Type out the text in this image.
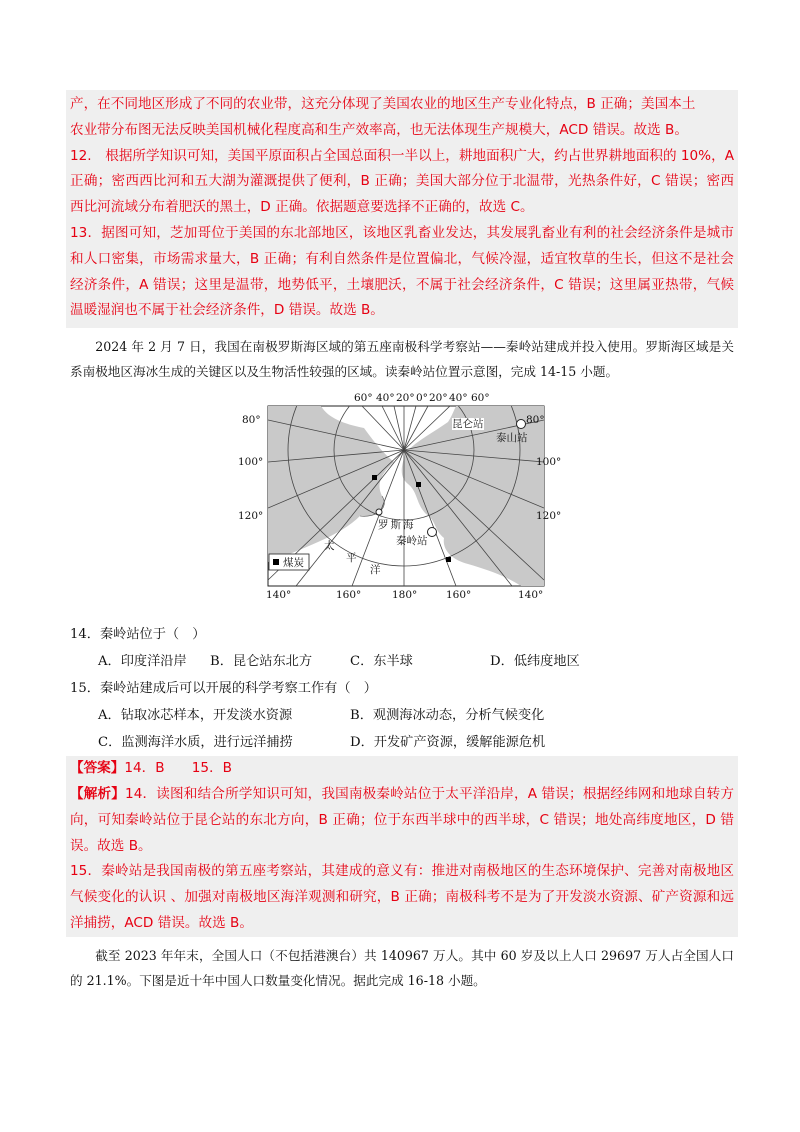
产，在不同地区形成了不同的农业带，这充分体现了美国农业的地区生产专业化特点，B 正确；美国本土

农业带分布图无法反映美国机械化程度高和生产效率高，也无法体现生产规模大，ACD 错误。故选 B。

12.　根据所学知识可知，美国平原面积占全国总面积一半以上，耕地面积广大，约占世界耕地面积的 10%，A 正确；密西西比河和五大湖为灌溉提供了便利，B 正确；美国大部分位于北温带，光热条件好，C 错误；密西西比河流域分布着肥沃的黑土，D 正确。依据题意要选择不正确的，故选 C。

13．据图可知，芝加哥位于美国的东北部地区，该地区乳畜业发达，其发展乳畜业有利的社会经济条件是城市和人口密集，市场需求量大，B 正确；有利自然条件是位置偏北，气候冷湿，适宜牧草的生长，但这不是社会经济条件，A 错误；这里是温带，地势低平，土壤肥沃，不属于社会经济条件，C 错误；这里属亚热带，气候温暖湿润也不属于社会经济条件，D 错误。故选 B。

2024 年 2 月 7 日，我国在南极罗斯海区域的第五座南极科学考察站——秦岭站建成并投入使用。罗斯海区域是关系南极地区海冰生成的关键区以及生物活性较强的区域。读秦岭站位置示意图，完成 14-15 小题。

60° 40° 20° 0° 20° 40° 60°
140°	160°	180°	160°	140°
80°
100°
120°
80°
100°
120°
昆仑站
泰山站
罗斯海
秦岭站
太
平
洋
煤炭

14．秦岭站位于（　）

A．印度洋沿岸	B．昆仑站东北方	C．东半球	D．低纬度地区

15．秦岭站建成后可以开展的科学考察工作有（　）

A．钻取冰芯样本，开发淡水资源	B．观测海冰动态，分析气候变化
C．监测海洋水质，进行远洋捕捞	D．开发矿产资源，缓解能源危机

【答案】14．B　　15．B

【解析】14．读图和结合所学知识可知，我国南极秦岭站位于太平洋沿岸，A 错误；根据经纬网和地球自转方向，可知秦岭站位于昆仑站的东北方向，B 正确；位于东西半球中的西半球，C 错误；地处高纬度地区，D 错误。故选 B。

15．秦岭站是我国南极的第五座考察站，其建成的意义有：推进对南极地区的生态环境保护、完善对南极地区气候变化的认识 、加强对南极地区海洋观测和研究，B 正确；南极科考不是为了开发淡水资源、矿产资源和远洋捕捞，ACD 错误。故选 B。

截至 2023 年年末，全国人口（不包括港澳台）共 140967 万人。其中 60 岁及以上人口 29697 万人占全国人口的 21.1%。下图是近十年中国人口数量变化情况。据此完成 16-18 小题。
